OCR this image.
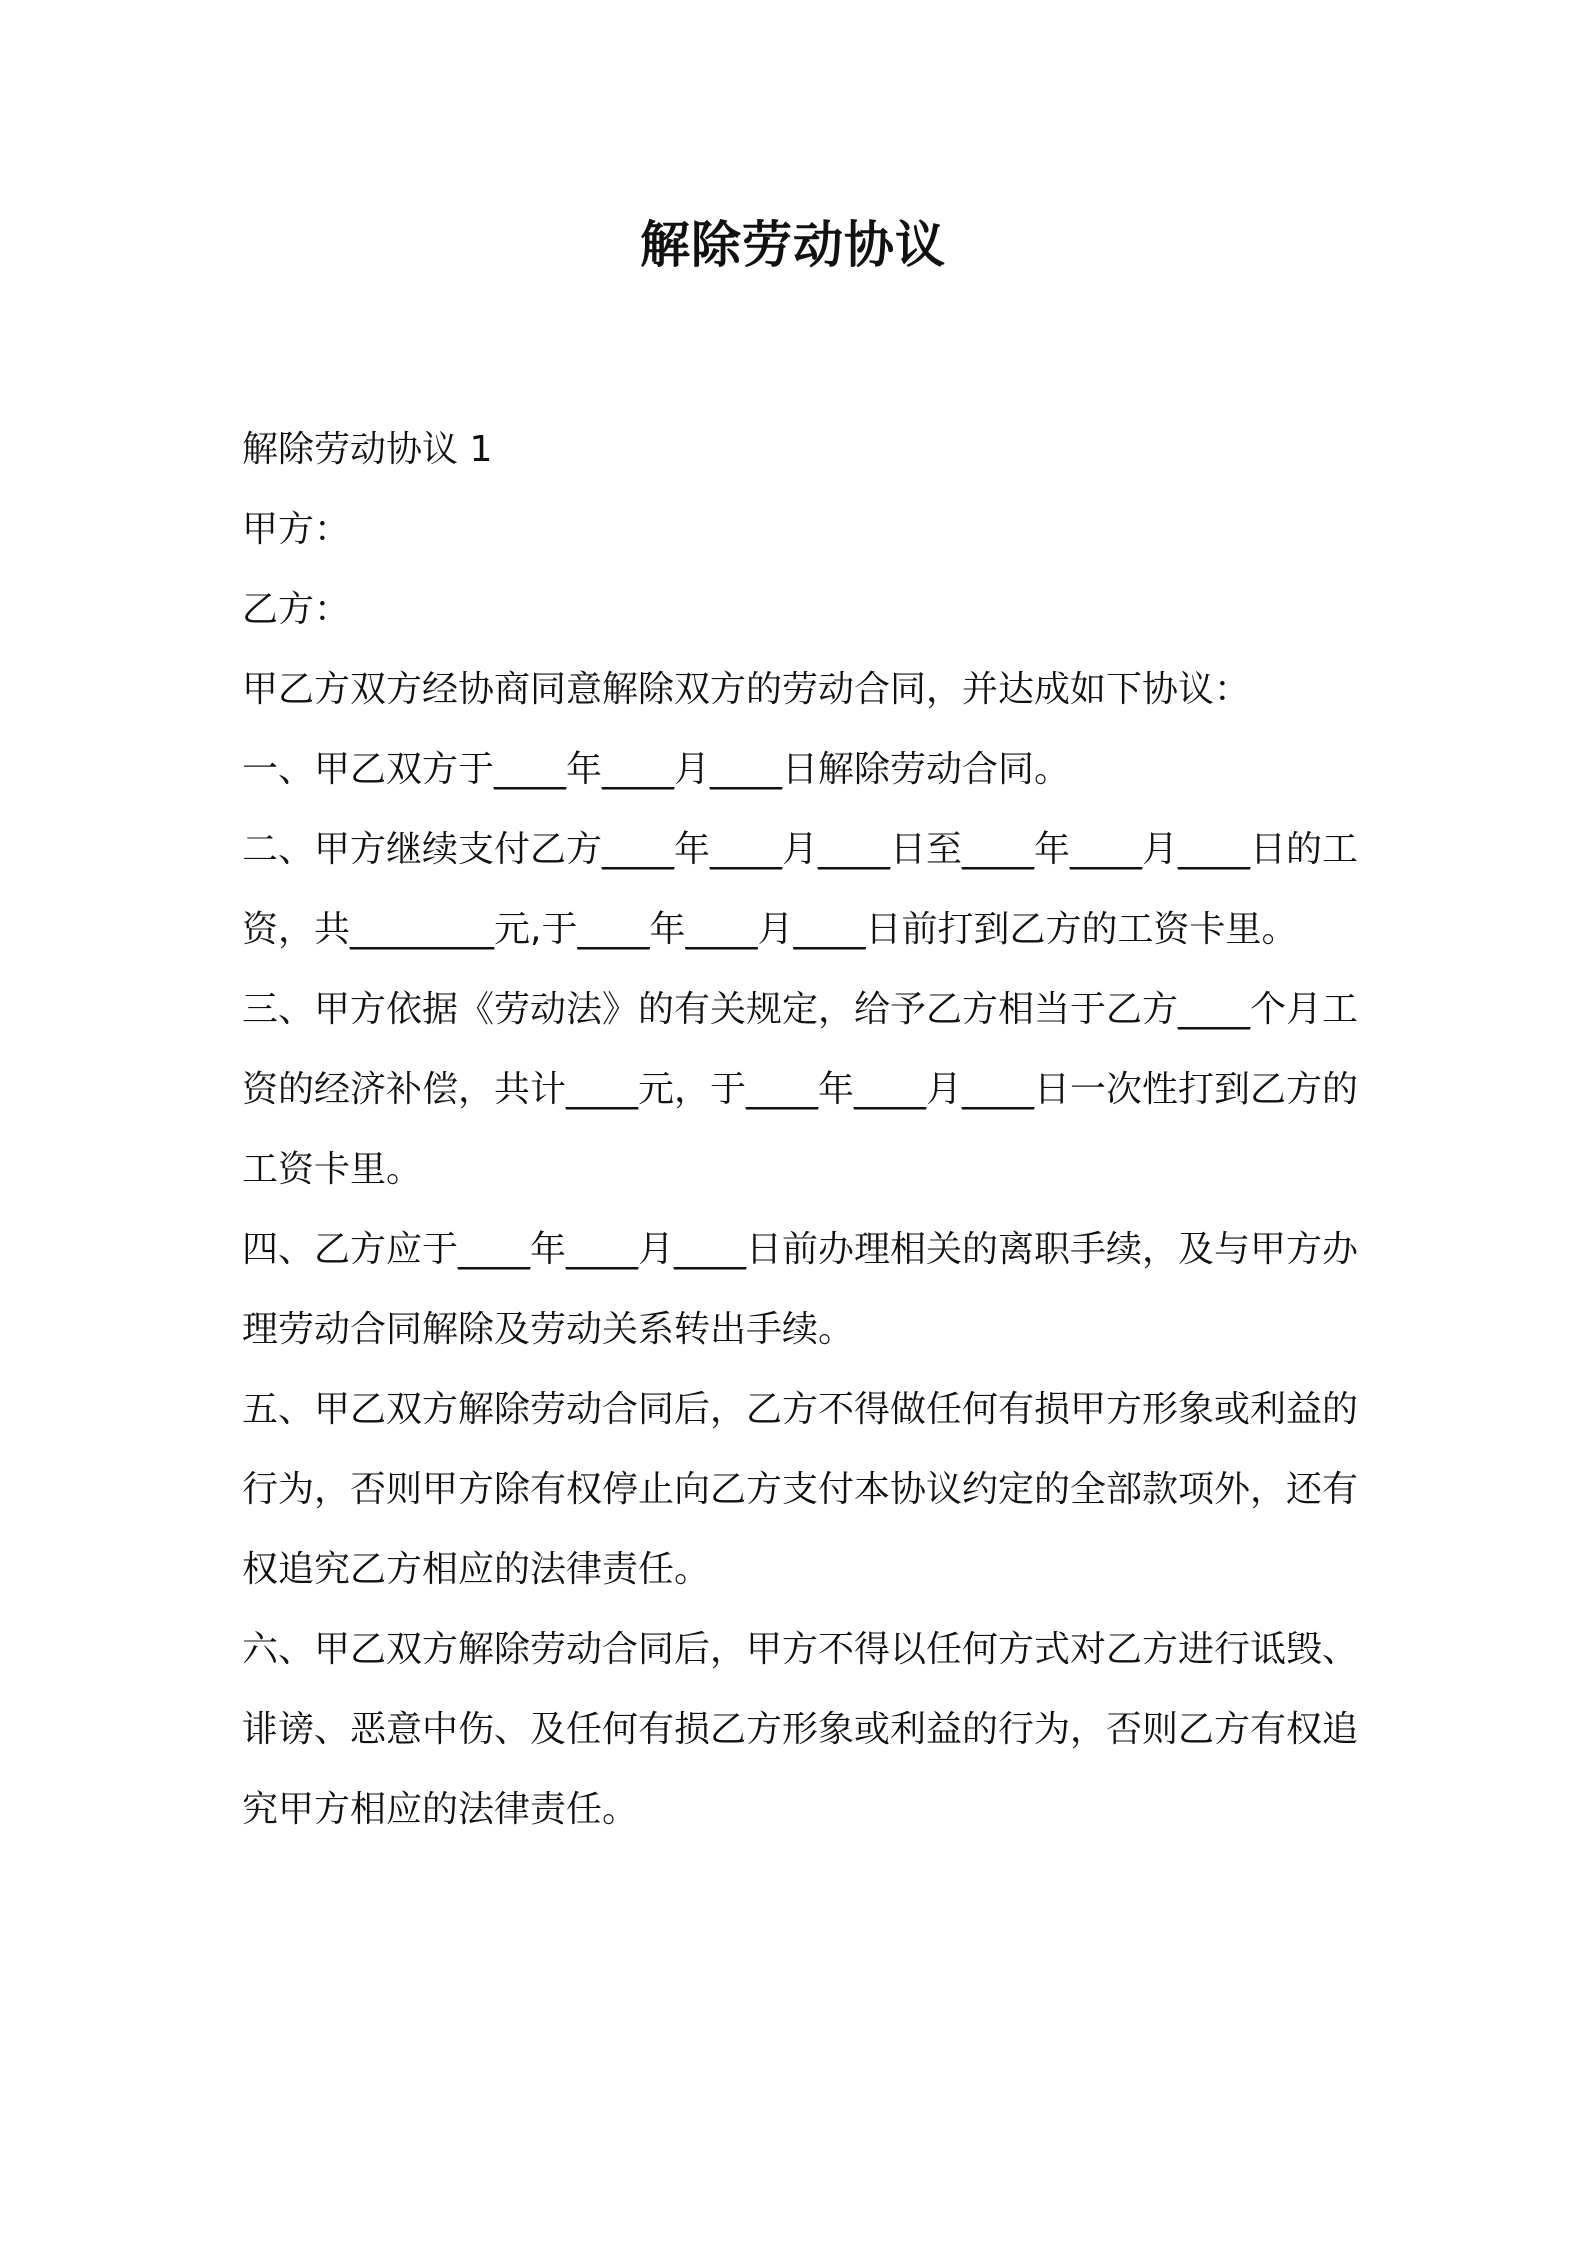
解除劳动协议

解除劳动协议 1

甲方：

乙方：

甲乙方双方经协商同意解除双方的劳动合同，并达成如下协议：

一、甲乙双方于____年____月____日解除劳动合同。

二、甲方继续支付乙方____年____月____日至____年____月____日的工资，共________元,于____年____月____日前打到乙方的工资卡里。

三、甲方依据《劳动法》的有关规定，给予乙方相当于乙方____个月工资的经济补偿，共计____元，于____年____月____日一次性打到乙方的工资卡里。

四、乙方应于____年____月____日前办理相关的离职手续，及与甲方办理劳动合同解除及劳动关系转出手续。

五、甲乙双方解除劳动合同后，乙方不得做任何有损甲方形象或利益的行为，否则甲方除有权停止向乙方支付本协议约定的全部款项外，还有权追究乙方相应的法律责任。

六、甲乙双方解除劳动合同后，甲方不得以任何方式对乙方进行诋毁、诽谤、恶意中伤、及任何有损乙方形象或利益的行为，否则乙方有权追究甲方相应的法律责任。
